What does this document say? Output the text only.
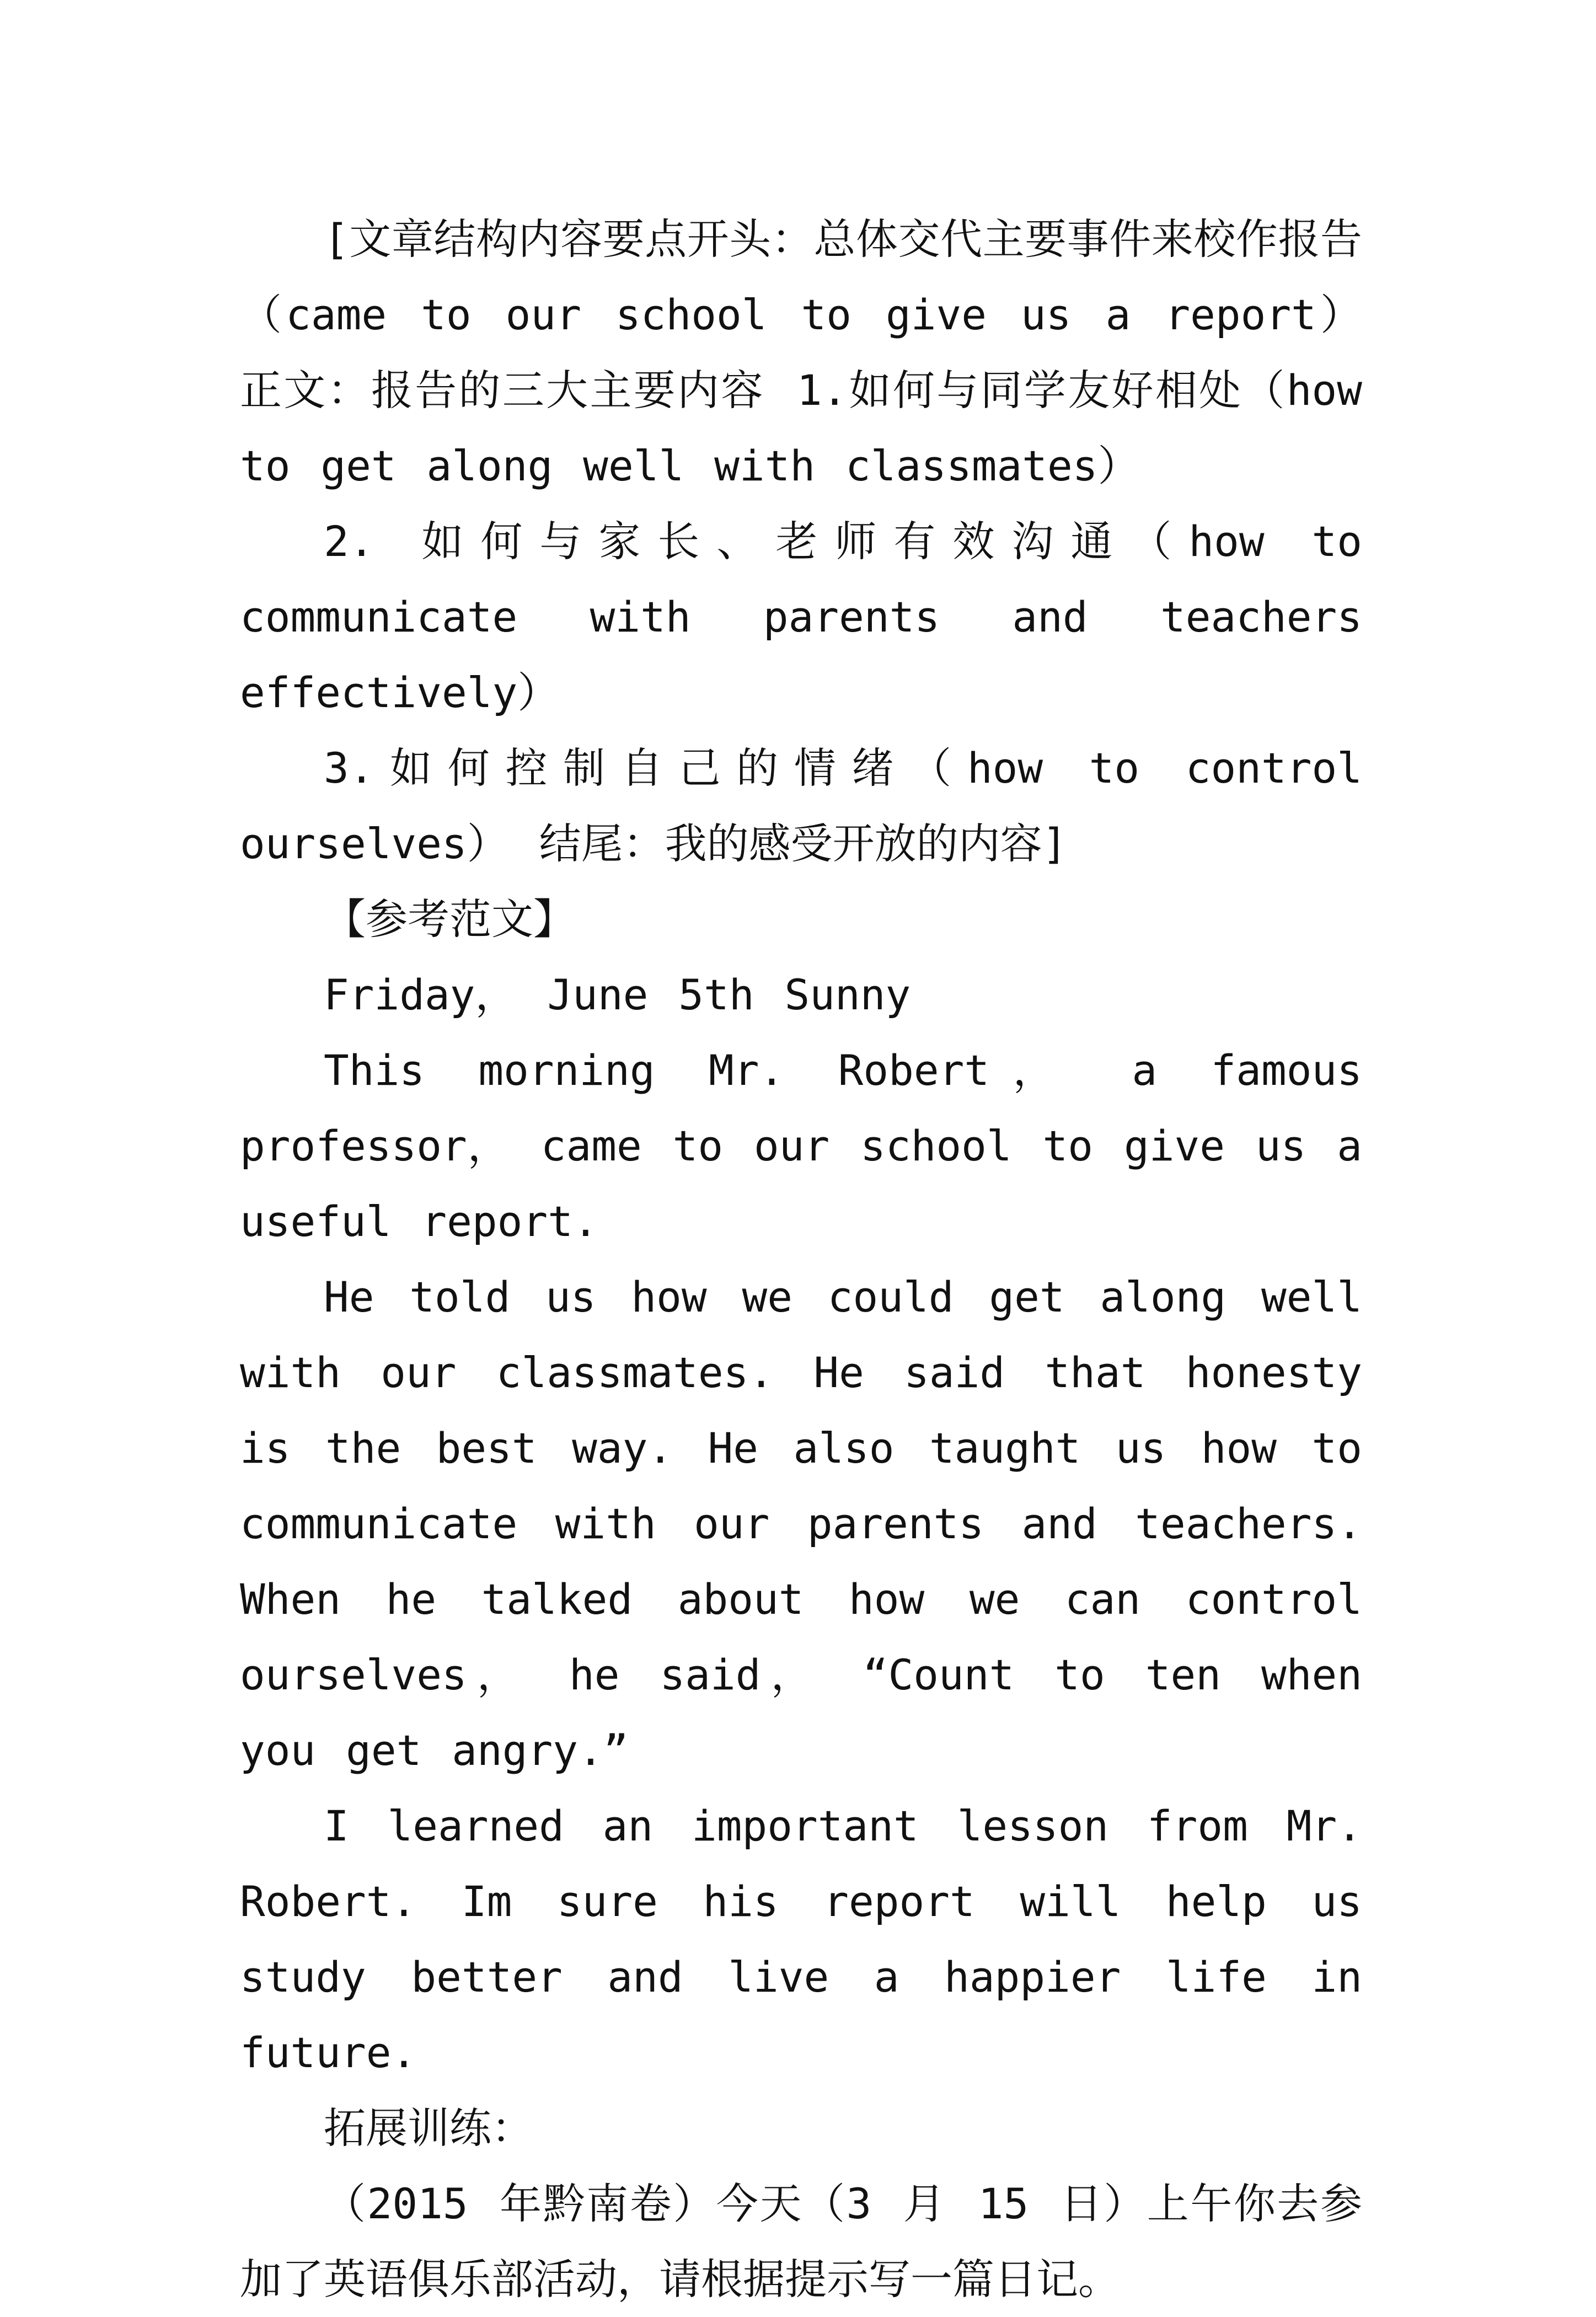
[文章结构内容要点开头：总体交代主要事件来校作报告（came to our school to give us a report） 正文：报告的三大主要内容 1.如何与同学友好相处（how to get along well with classmates）

2. 如何与家长、老师有效沟通（how to communicate with parents and teachers effectively）

3.如何控制自己的情绪（how to control ourselves） 结尾：我的感受开放的内容]

【参考范文】

Friday， June 5th Sunny

This morning Mr. Robert， a famous professor， came to our school to give us a useful report.

He told us how we could get along well with our classmates. He said that honesty is the best way. He also taught us how to communicate with our parents and teachers. When he talked about how we can control ourselves， he said， “Count to ten when you get angry.”

I learned an important lesson from Mr. Robert. Im sure his report will help us study better and live a happier life in future.

拓展训练：

（2015 年黔南卷）今天（3 月 15 日）上午你去参加了英语俱乐部活动，请根据提示写一篇日记。
